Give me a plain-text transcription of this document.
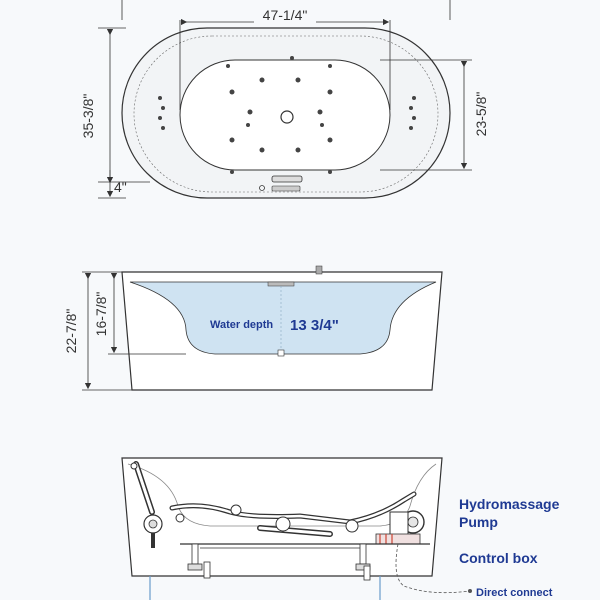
47-1/4"
35-3/8"	23-5/8"
4"
Water depth 13 3/4"
22-7/8" 16-7/8"
Hydromassage
Pump
Control box
Direct connect
